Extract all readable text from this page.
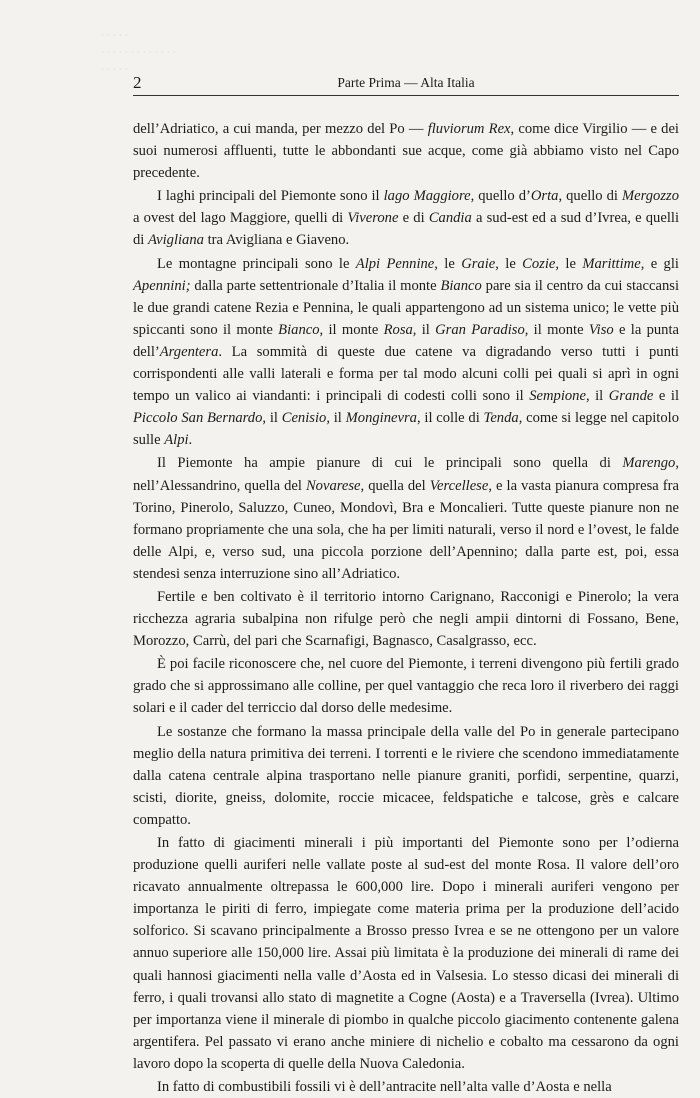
·····
·············
·····
2	Parte Prima — Alta Italia
dell’Adriatico, a cui manda, per mezzo del Po — fluviorum Rex, come dice Virgilio — e dei suoi numerosi affluenti, tutte le abbondanti sue acque, come già abbiamo visto nel Capo precedente.
I laghi principali del Piemonte sono il lago Maggiore, quello d’Orta, quello di Mergozzo a ovest del lago Maggiore, quelli di Viverone e di Candia a sud-est ed a sud d’Ivrea, e quelli di Avigliana tra Avigliana e Giaveno.
Le montagne principali sono le Alpi Pennine, le Graie, le Cozie, le Marittime, e gli Apennini; dalla parte settentrionale d’Italia il monte Bianco pare sia il centro da cui staccansi le due grandi catene Rezia e Pennina, le quali appartengono ad un sistema unico; le vette più spiccanti sono il monte Bianco, il monte Rosa, il Gran Paradiso, il monte Viso e la punta dell’Argentera. La sommità di queste due catene va digradando verso tutti i punti corrispondenti alle valli laterali e forma per tal modo alcuni colli pei quali si aprì in ogni tempo un valico ai viandanti: i principali di codesti colli sono il Sempione, il Grande e il Piccolo San Bernardo, il Cenisio, il Monginevra, il colle di Tenda, come si legge nel capitolo sulle Alpi.
Il Piemonte ha ampie pianure di cui le principali sono quella di Marengo, nell’Alessandrino, quella del Novarese, quella del Vercellese, e la vasta pianura compresa fra Torino, Pinerolo, Saluzzo, Cuneo, Mondovì, Bra e Moncalieri. Tutte queste pianure non ne formano propriamente che una sola, che ha per limiti naturali, verso il nord e l’ovest, le falde delle Alpi, e, verso sud, una piccola porzione dell’Apennino; dalla parte est, poi, essa stendesi senza interruzione sino all’Adriatico.
Fertile e ben coltivato è il territorio intorno Carignano, Racconigi e Pinerolo; la vera ricchezza agraria subalpina non rifulge però che negli ampii dintorni di Fossano, Bene, Morozzo, Carrù, del pari che Scarnafigi, Bagnasco, Casalgrasso, ecc.
È poi facile riconoscere che, nel cuore del Piemonte, i terreni divengono più fertili grado grado che si approssimano alle colline, per quel vantaggio che reca loro il riverbero dei raggi solari e il cader del terriccio dal dorso delle medesime.
Le sostanze che formano la massa principale della valle del Po in generale partecipano meglio della natura primitiva dei terreni. I torrenti e le riviere che scendono immediatamente dalla catena centrale alpina trasportano nelle pianure graniti, porfidi, serpentine, quarzi, scisti, diorite, gneiss, dolomite, roccie micacee, feldspatiche e talcose, grès e calcare compatto.
In fatto di giacimenti minerali i più importanti del Piemonte sono per l’odierna produzione quelli auriferi nelle vallate poste al sud-est del monte Rosa. Il valore dell’oro ricavato annualmente oltrepassa le 600,000 lire. Dopo i minerali auriferi vengono per importanza le piriti di ferro, impiegate come materia prima per la produzione dell’acido solforico. Si scavano principalmente a Brosso presso Ivrea e se ne ottengono per un valore annuo superiore alle 150,000 lire. Assai più limitata è la produzione dei minerali di rame dei quali hannosi giacimenti nella valle d’Aosta ed in Valsesia. Lo stesso dicasi dei minerali di ferro, i quali trovansi allo stato di magnetite a Cogne (Aosta) e a Traversella (Ivrea). Ultimo per importanza viene il minerale di piombo in qualche piccolo giacimento contenente galena argentifera. Pel passato vi erano anche miniere di nichelio e cobalto ma cessarono da ogni lavoro dopo la scoperta di quelle della Nuova Caledonia.
In fatto di combustibili fossili vi è dell’antracite nell’alta valle d’Aosta e nella
